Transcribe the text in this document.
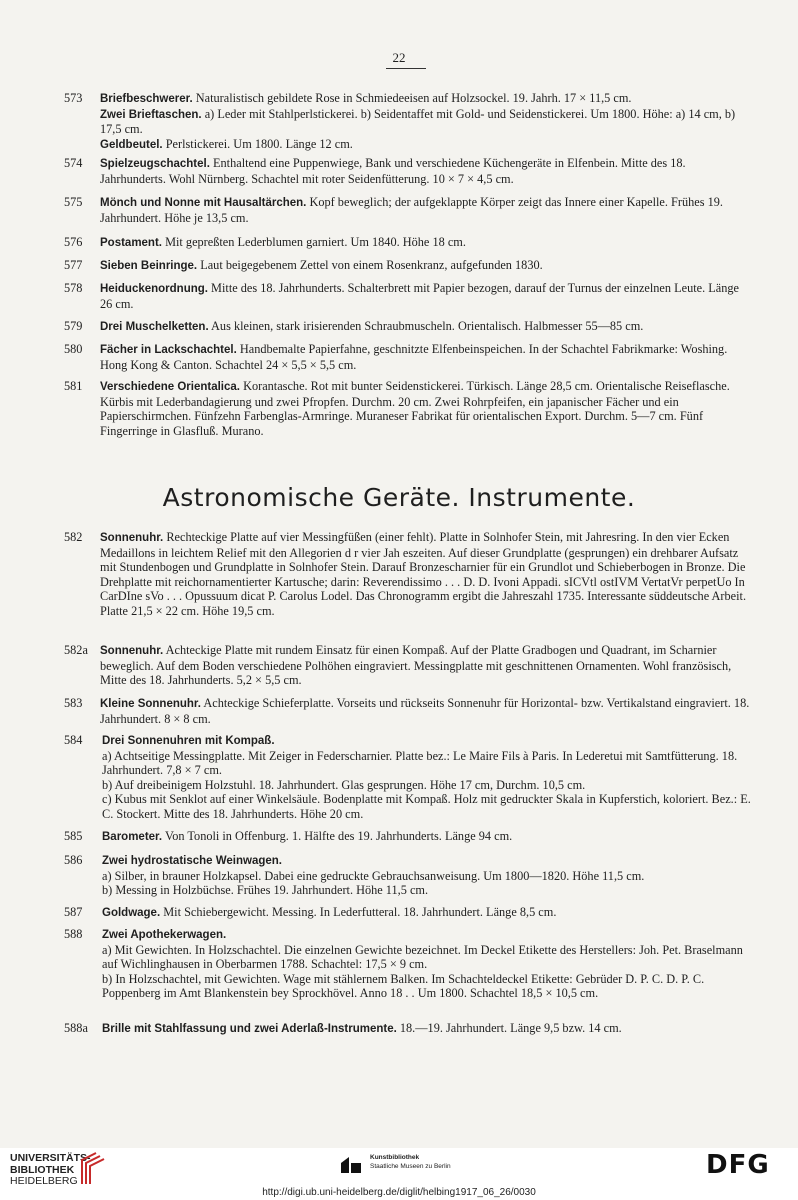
22
573	Briefbeschwerer. Naturalistisch gebildete Rose in Schmiedeeisen auf Holzsockel. 19. Jahrh. 17 × 11,5 cm.
Zwei Brieftaschen. a) Leder mit Stahlperlstickerei. b) Seidentaffet mit Gold- und Seidenstickerei. Um 1800. Höhe: a) 14 cm, b) 17,5 cm.
Geldbeutel. Perlstickerei. Um 1800. Länge 12 cm.
574	Spielzeugschachtel. Enthaltend eine Puppenwiege, Bank und verschiedene Küchengeräte in Elfenbein. Mitte des 18. Jahrhunderts. Wohl Nürnberg. Schachtel mit roter Seidenfütterung. 10 × 7 × 4,5 cm.
575	Mönch und Nonne mit Hausaltärchen. Kopf beweglich; der aufgeklappte Körper zeigt das Innere einer Kapelle. Frühes 19. Jahrhundert. Höhe je 13,5 cm.
576	Postament. Mit gepreßten Lederblumen garniert. Um 1840. Höhe 18 cm.
577	Sieben Beinringe. Laut beigegebenem Zettel von einem Rosenkranz, aufgefunden 1830.
578	Heiduckenordnung. Mitte des 18. Jahrhunderts. Schalterbrett mit Papier bezogen, darauf der Turnus der einzelnen Leute. Länge 26 cm.
579	Drei Muschelketten. Aus kleinen, stark irisierenden Schraubmuscheln. Orientalisch. Halbmesser 55—85 cm.
580	Fächer in Lackschachtel. Handbemalte Papierfahne, geschnitzte Elfenbeinspeichen. In der Schachtel Fabrikmarke: Woshing. Hong Kong & Canton. Schachtel 24 × 5,5 × 5,5 cm.
581	Verschiedene Orientalica. Korantasche. Rot mit bunter Seidenstickerei. Türkisch. Länge 28,5 cm. Orientalische Reiseflasche. Kürbis mit Lederbandagierung und zwei Pfropfen. Durchm. 20 cm. Zwei Rohrpfeifen, ein japanischer Fächer und ein Papierschirmchen. Fünfzehn Farbenglas-Armringe. Muraneser Fabrikat für orientalischen Export. Durchm. 5—7 cm. Fünf Fingerringe in Glasfluß. Murano.
Astronomische Geräte. Instrumente.
582	Sonnenuhr. Rechteckige Platte auf vier Messingfüßen (einer fehlt). Platte in Solnhofer Stein, mit Jahresring. In den vier Ecken Medaillons in leichtem Relief mit den Allegorien d r vier Jah eszeiten. Auf dieser Grundplatte (gesprungen) ein drehbarer Aufsatz mit Stundenbogen und Grundplatte in Solnhofer Stein. Darauf Bronzescharnier für ein Grundlot und Schieberbogen in Bronze. Die Drehplatte mit reichornamentierter Kartusche; darin: Reverendissimo . . . D. D. Ivoni Appadi. sICVtl ostIVM VertatVr perpetUo In CarDIne sVo . . . Opussuum dicat P. Carolus Lodel. Das Chronogramm ergibt die Jahreszahl 1735. Interessante süddeutsche Arbeit. Platte 21,5 × 22 cm. Höhe 19,5 cm.
582a	Sonnenuhr. Achteckige Platte mit rundem Einsatz für einen Kompaß. Auf der Platte Gradbogen und Quadrant, im Scharnier beweglich. Auf dem Boden verschiedene Polhöhen eingraviert. Messingplatte mit geschnittenen Ornamenten. Wohl französisch, Mitte des 18. Jahrhunderts. 5,2 × 5,5 cm.
583	Kleine Sonnenuhr. Achteckige Schieferplatte. Vorseits und rückseits Sonnenuhr für Horizontal- bzw. Vertikalstand eingraviert. 18. Jahrhundert. 8 × 8 cm.
584	Drei Sonnenuhren mit Kompaß.
a) Achtseitige Messingplatte. Mit Zeiger in Federscharnier. Platte bez.: Le Maire Fils à Paris. In Lederetui mit Samtfütterung. 18. Jahrhundert. 7,8 × 7 cm.
b) Auf dreibeinigem Holzstuhl. 18. Jahrhundert. Glas gesprungen. Höhe 17 cm, Durchm. 10,5 cm.
c) Kubus mit Senklot auf einer Winkelsäule. Bodenplatte mit Kompaß. Holz mit gedruckter Skala in Kupferstich, koloriert. Bez.: E. C. Stockert. Mitte des 18. Jahrhunderts. Höhe 20 cm.
585	Barometer. Von Tonoli in Offenburg. 1. Hälfte des 19. Jahrhunderts. Länge 94 cm.
586	Zwei hydrostatische Weinwagen.
a) Silber, in brauner Holzkapsel. Dabei eine gedruckte Gebrauchsanweisung. Um 1800—1820. Höhe 11,5 cm.
b) Messing in Holzbüchse. Frühes 19. Jahrhundert. Höhe 11,5 cm.
587	Goldwage. Mit Schiebergewicht. Messing. In Lederfutteral. 18. Jahrhundert. Länge 8,5 cm.
588	Zwei Apothekerwagen.
a) Mit Gewichten. In Holzschachtel. Die einzelnen Gewichte bezeichnet. Im Deckel Etikette des Herstellers: Joh. Pet. Braselmann auf Wichlinghausen in Oberbarmen 1788. Schachtel: 17,5 × 9 cm.
b) In Holzschachtel, mit Gewichten. Wage mit stählernem Balken. Im Schachteldeckel Etikette: Gebrüder D. P. C. D. P. C. Poppenberg im Amt Blankenstein bey Sprockhövel. Anno 18 . . Um 1800. Schachtel 18,5 × 10,5 cm.
588a	Brille mit Stahlfassung und zwei Aderlaß-Instrumente. 18.—19. Jahrhundert. Länge 9,5 bzw. 14 cm.
UNIVERSITÄTS-
BIBLIOTHEK
HEIDELBERG
Kunstbibliothek
Staatliche Museen zu Berlin	DFG
http://digi.ub.uni-heidelberg.de/diglit/helbing1917_06_26/0030
